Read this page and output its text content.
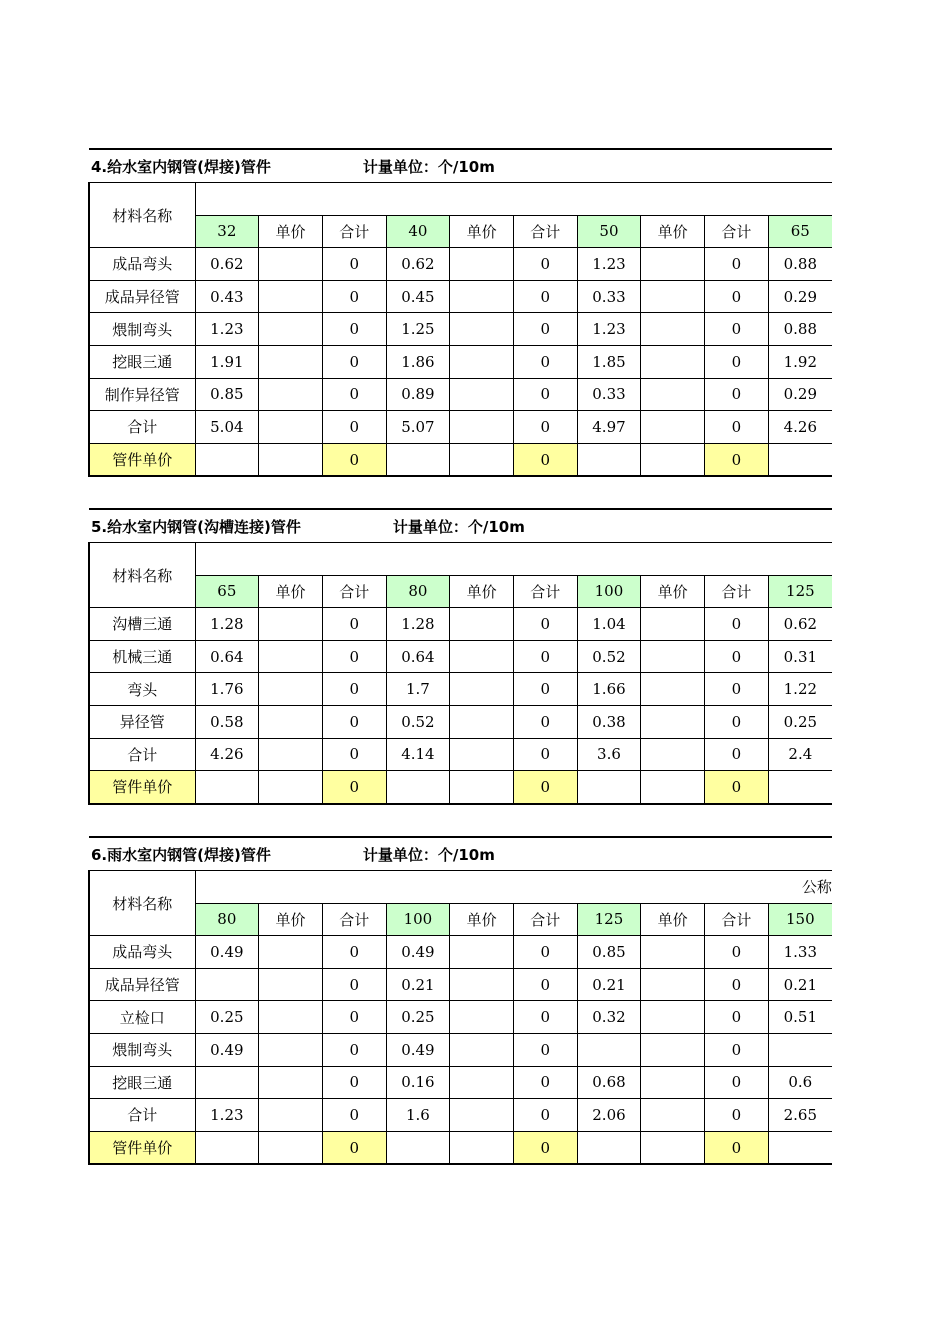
4.给水室内钢管(焊接)管件 计量单位：个/10m										
材料名称										
	32	单价	合计	40	单价	合计	50	单价	合计	65
成品弯头	0.62		0	0.62		0	1.23		0	0.88
成品异径管	0.43		0	0.45		0	0.33		0	0.29
煨制弯头	1.23		0	1.25		0	1.23		0	0.88
挖眼三通	1.91		0	1.86		0	1.85		0	1.92
制作异径管	0.85		0	0.89		0	0.33		0	0.29
合计	5.04		0	5.07		0	4.97		0	4.26
管件单价			0			0			0	
5.给水室内钢管(沟槽连接)管件 计量单位：个/10m										
材料名称										
	65	单价	合计	80	单价	合计	100	单价	合计	125
沟槽三通	1.28		0	1.28		0	1.04		0	0.62
机械三通	0.64		0	0.64		0	0.52		0	0.31
弯头	1.76		0	1.7		0	1.66		0	1.22
异径管	0.58		0	0.52		0	0.38		0	0.25
合计	4.26		0	4.14		0	3.6		0	2.4
管件单价			0			0			0	
6.雨水室内钢管(焊接)管件 计量单位：个/10m										
材料名称	公称									
	80	单价	合计	100	单价	合计	125	单价	合计	150
成品弯头	0.49		0	0.49		0	0.85		0	1.33
成品异径管			0	0.21		0	0.21		0	0.21
立检口	0.25		0	0.25		0	0.32		0	0.51
煨制弯头	0.49		0	0.49		0			0	
挖眼三通			0	0.16		0	0.68		0	0.6
合计	1.23		0	1.6		0	2.06		0	2.65
管件单价			0			0			0	
